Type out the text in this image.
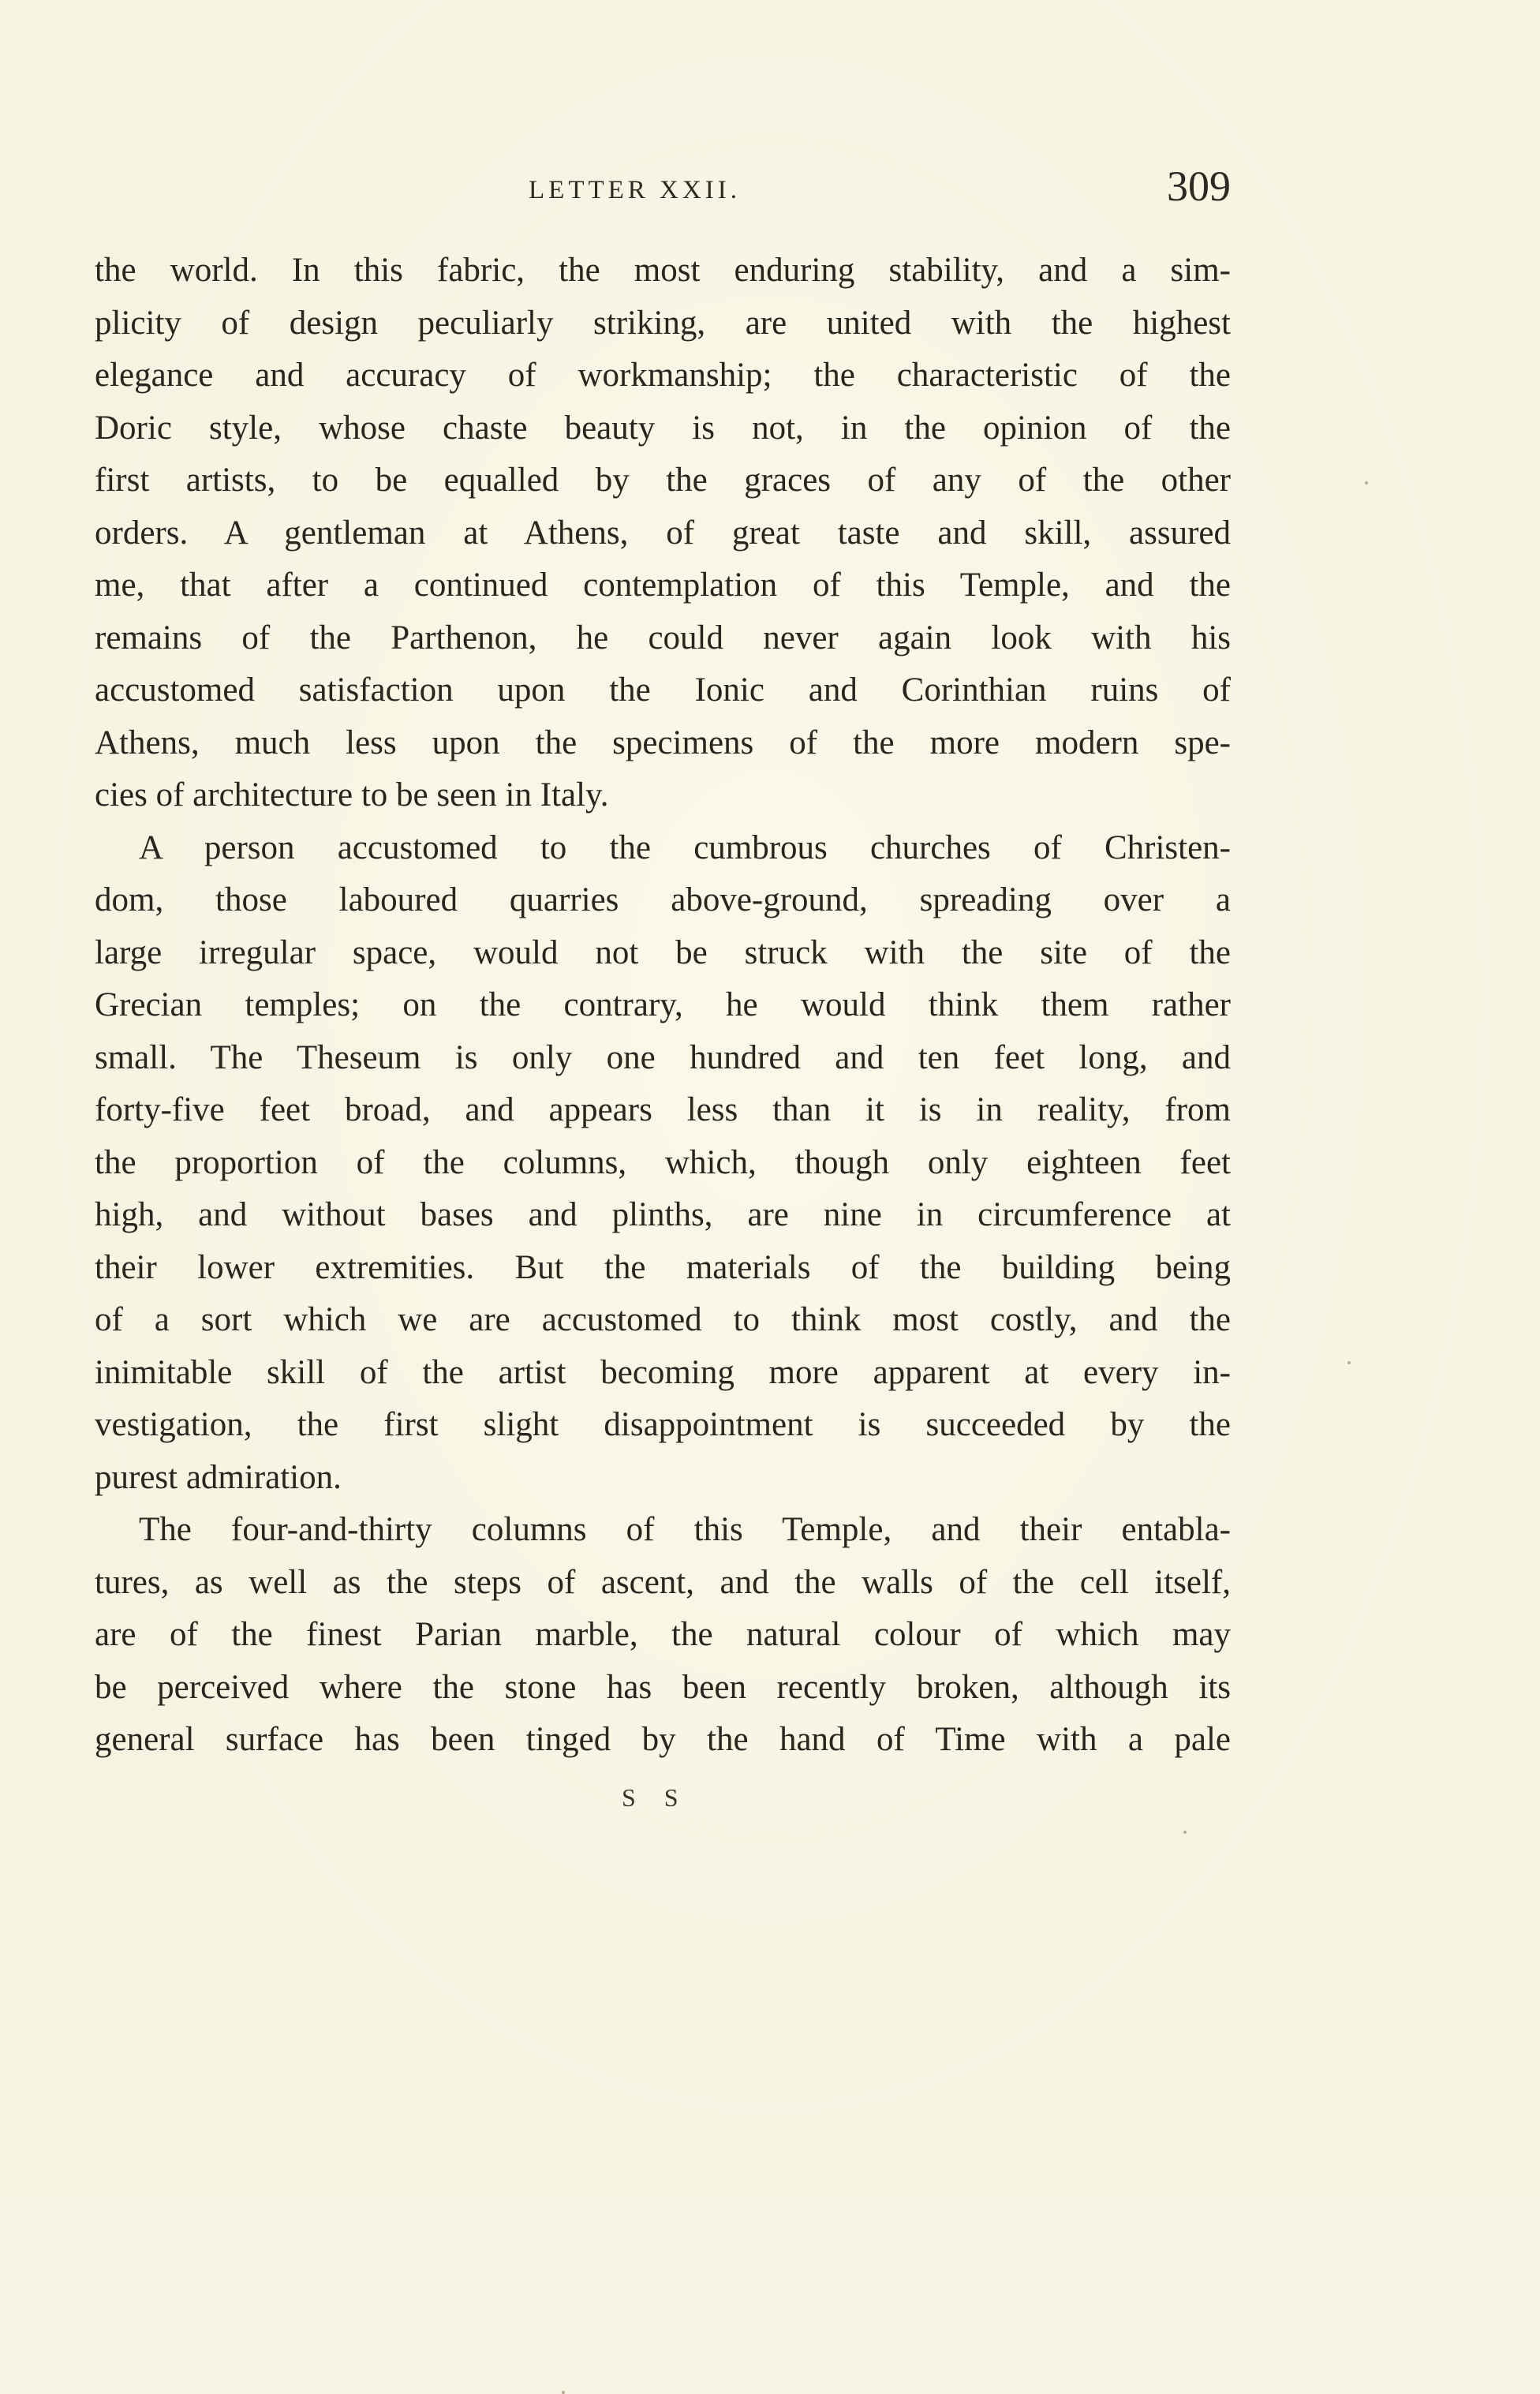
LETTER XXII.	309
the world. In this fabric, the most enduring stability, and a sim-
plicity of design peculiarly striking, are united with the highest
elegance and accuracy of workmanship; the characteristic of the
Doric style, whose chaste beauty is not, in the opinion of the
first artists, to be equalled by the graces of any of the other
orders. A gentleman at Athens, of great taste and skill, assured
me, that after a continued contemplation of this Temple, and the
remains of the Parthenon, he could never again look with his
accustomed satisfaction upon the Ionic and Corinthian ruins of
Athens, much less upon the specimens of the more modern spe-
cies of architecture to be seen in Italy.
A person accustomed to the cumbrous churches of Christen-
dom, those laboured quarries above-ground, spreading over a
large irregular space, would not be struck with the site of the
Grecian temples; on the contrary, he would think them rather
small. The Theseum is only one hundred and ten feet long, and
forty-five feet broad, and appears less than it is in reality, from
the proportion of the columns, which, though only eighteen feet
high, and without bases and plinths, are nine in circumference at
their lower extremities. But the materials of the building being
of a sort which we are accustomed to think most costly, and the
inimitable skill of the artist becoming more apparent at every in-
vestigation, the first slight disappointment is succeeded by the
purest admiration.
The four-and-thirty columns of this Temple, and their entabla-
tures, as well as the steps of ascent, and the walls of the cell itself,
are of the finest Parian marble, the natural colour of which may
be perceived where the stone has been recently broken, although its
general surface has been tinged by the hand of Time with a pale
S S
